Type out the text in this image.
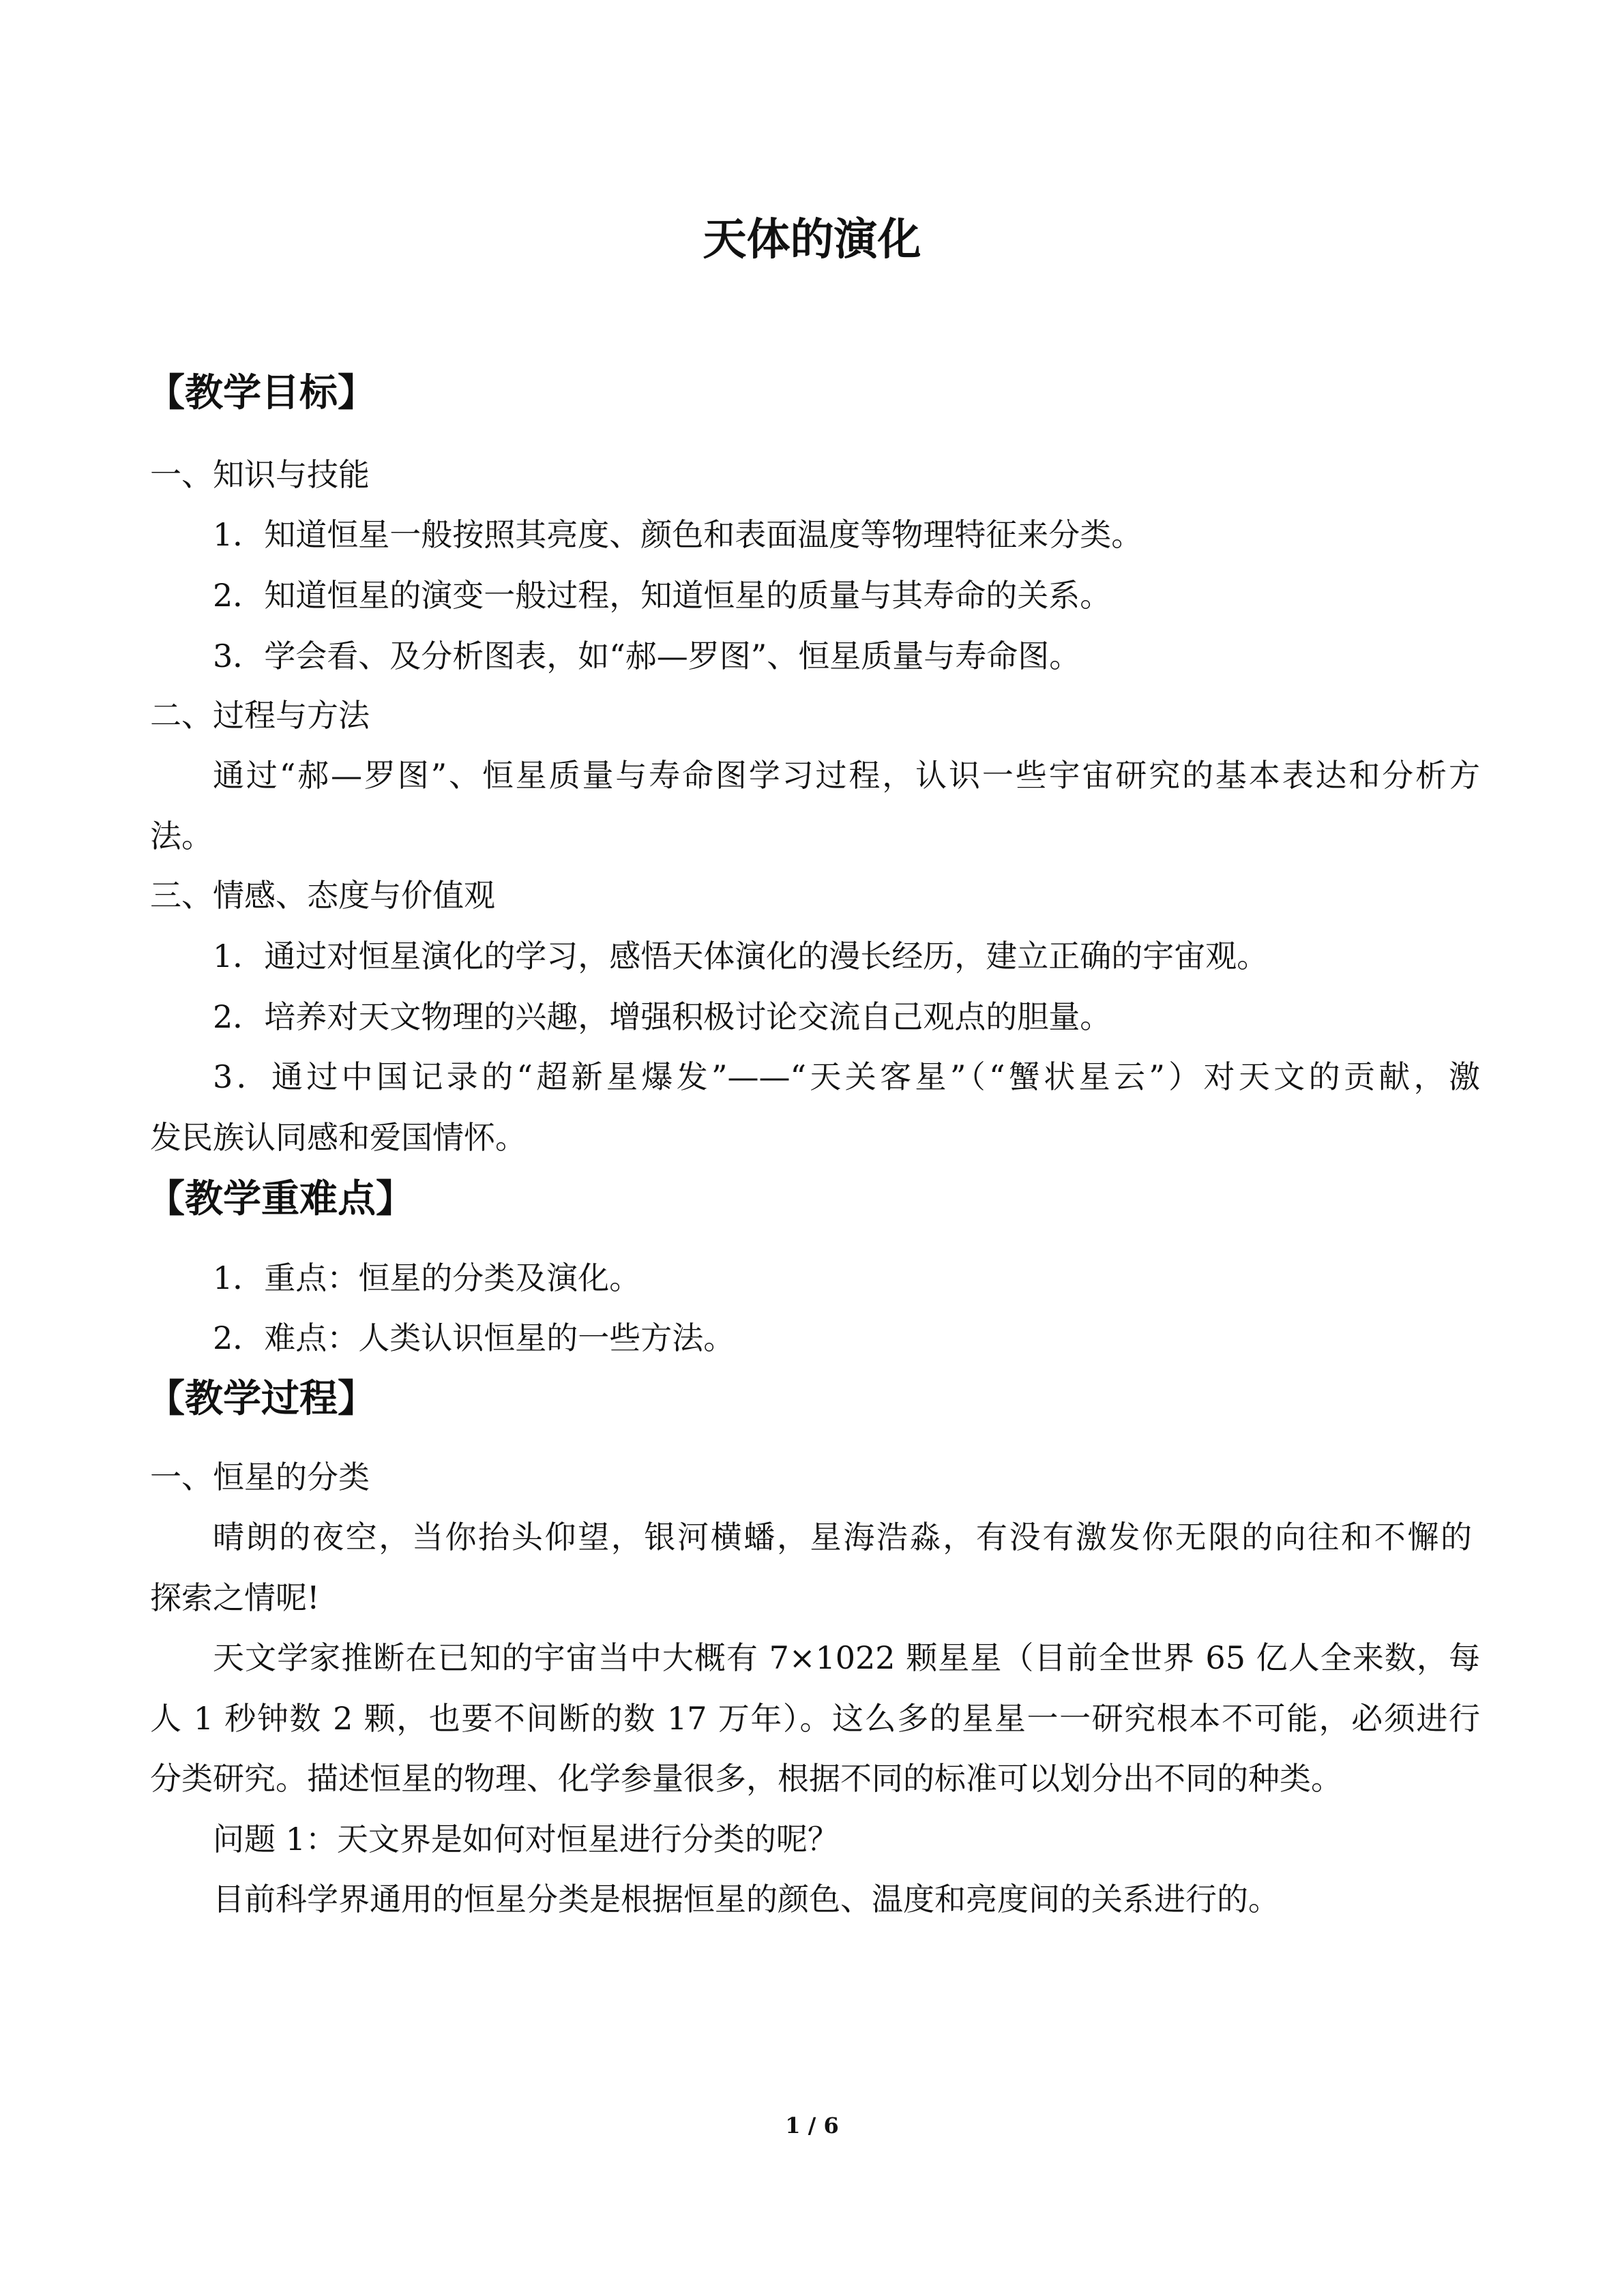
天体的演化
【教学目标】
一、知识与技能
1．知道恒星一般按照其亮度、颜色和表面温度等物理特征来分类。
2．知道恒星的演变一般过程，知道恒星的质量与其寿命的关系。
3．学会看、及分析图表，如“郝—罗图”、恒星质量与寿命图。
二、过程与方法
通过“郝—罗图”、恒星质量与寿命图学习过程，认识一些宇宙研究的基本表达和分析方
法。
三、情感、态度与价值观
1．通过对恒星演化的学习，感悟天体演化的漫长经历，建立正确的宇宙观。
2．培养对天文物理的兴趣，增强积极讨论交流自己观点的胆量。
3．通过中国记录的“超新星爆发”——“天关客星”（“蟹状星云”）对天文的贡献，激
发民族认同感和爱国情怀。
【教学重难点】
1．重点：恒星的分类及演化。
2．难点：人类认识恒星的一些方法。
【教学过程】
一、恒星的分类
晴朗的夜空，当你抬头仰望，银河横蟠，星海浩淼，有没有激发你无限的向往和不懈的
探索之情呢!
天文学家推断在已知的宇宙当中大概有 7×1022 颗星星（目前全世界 65 亿人全来数，每
人 1 秒钟数 2 颗，也要不间断的数 17 万年）。这么多的星星一一研究根本不可能，必须进行
分类研究。描述恒星的物理、化学参量很多，根据不同的标准可以划分出不同的种类。
问题 1：天文界是如何对恒星进行分类的呢？
目前科学界通用的恒星分类是根据恒星的颜色、温度和亮度间的关系进行的。
1 / 6
